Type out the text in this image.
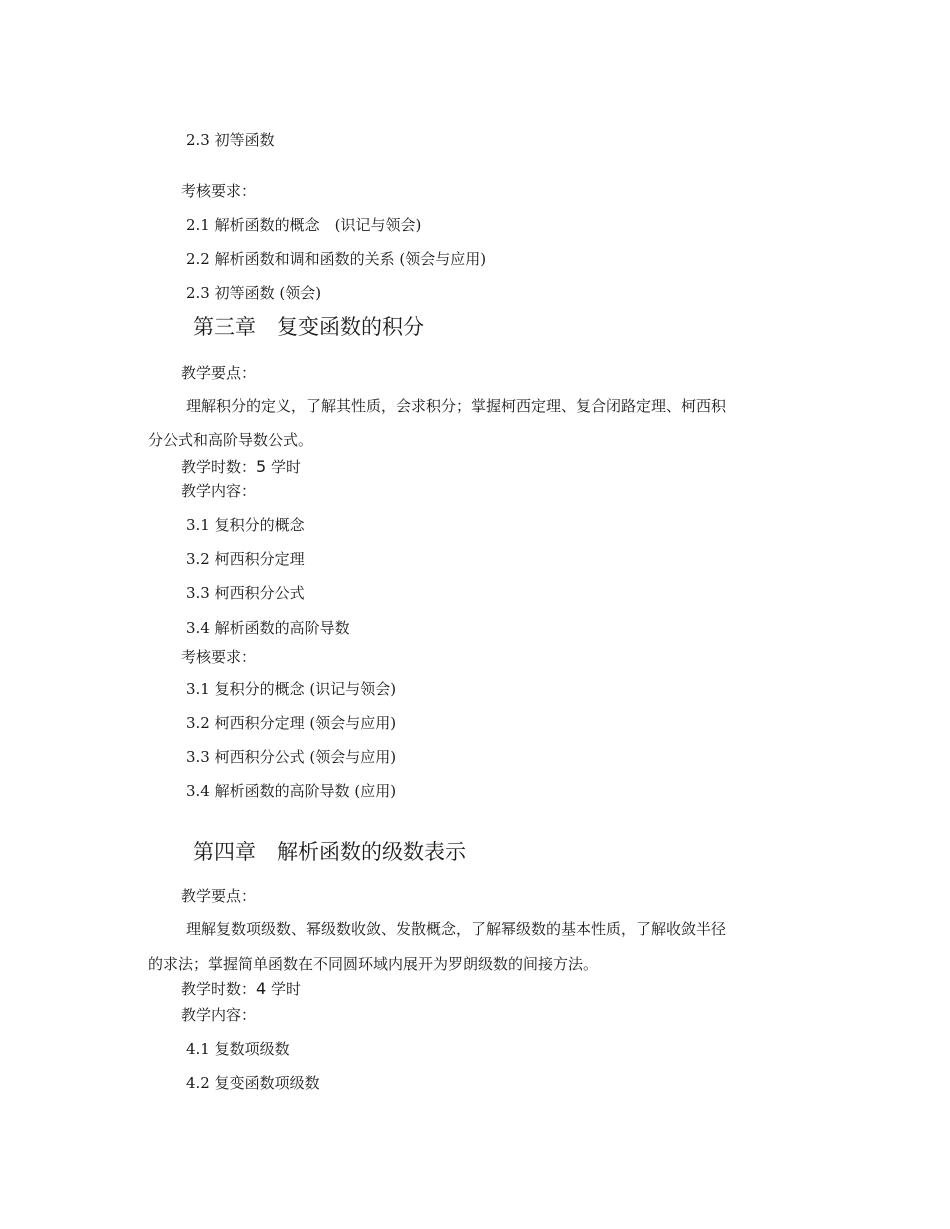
2.3 初等函数
考核要求：
2.1 解析函数的概念　(识记与领会)
2.2 解析函数和调和函数的关系 (领会与应用)
2.3 初等函数 (领会)
第三章　复变函数的积分
教学要点：
理解积分的定义，了解其性质，会求积分；掌握柯西定理、复合闭路定理、柯西积
分公式和高阶导数公式。
教学时数：5 学时
教学内容：
3.1 复积分的概念
3.2 柯西积分定理
3.3 柯西积分公式
3.4 解析函数的高阶导数
考核要求：
3.1 复积分的概念 (识记与领会)
3.2 柯西积分定理 (领会与应用)
3.3 柯西积分公式 (领会与应用)
3.4 解析函数的高阶导数 (应用)
第四章　解析函数的级数表示
教学要点：
理解复数项级数、幂级数收敛、发散概念，了解幂级数的基本性质，了解收敛半径
的求法；掌握简单函数在不同圆环域内展开为罗朗级数的间接方法。
教学时数：4 学时
教学内容：
4.1 复数项级数
4.2 复变函数项级数
